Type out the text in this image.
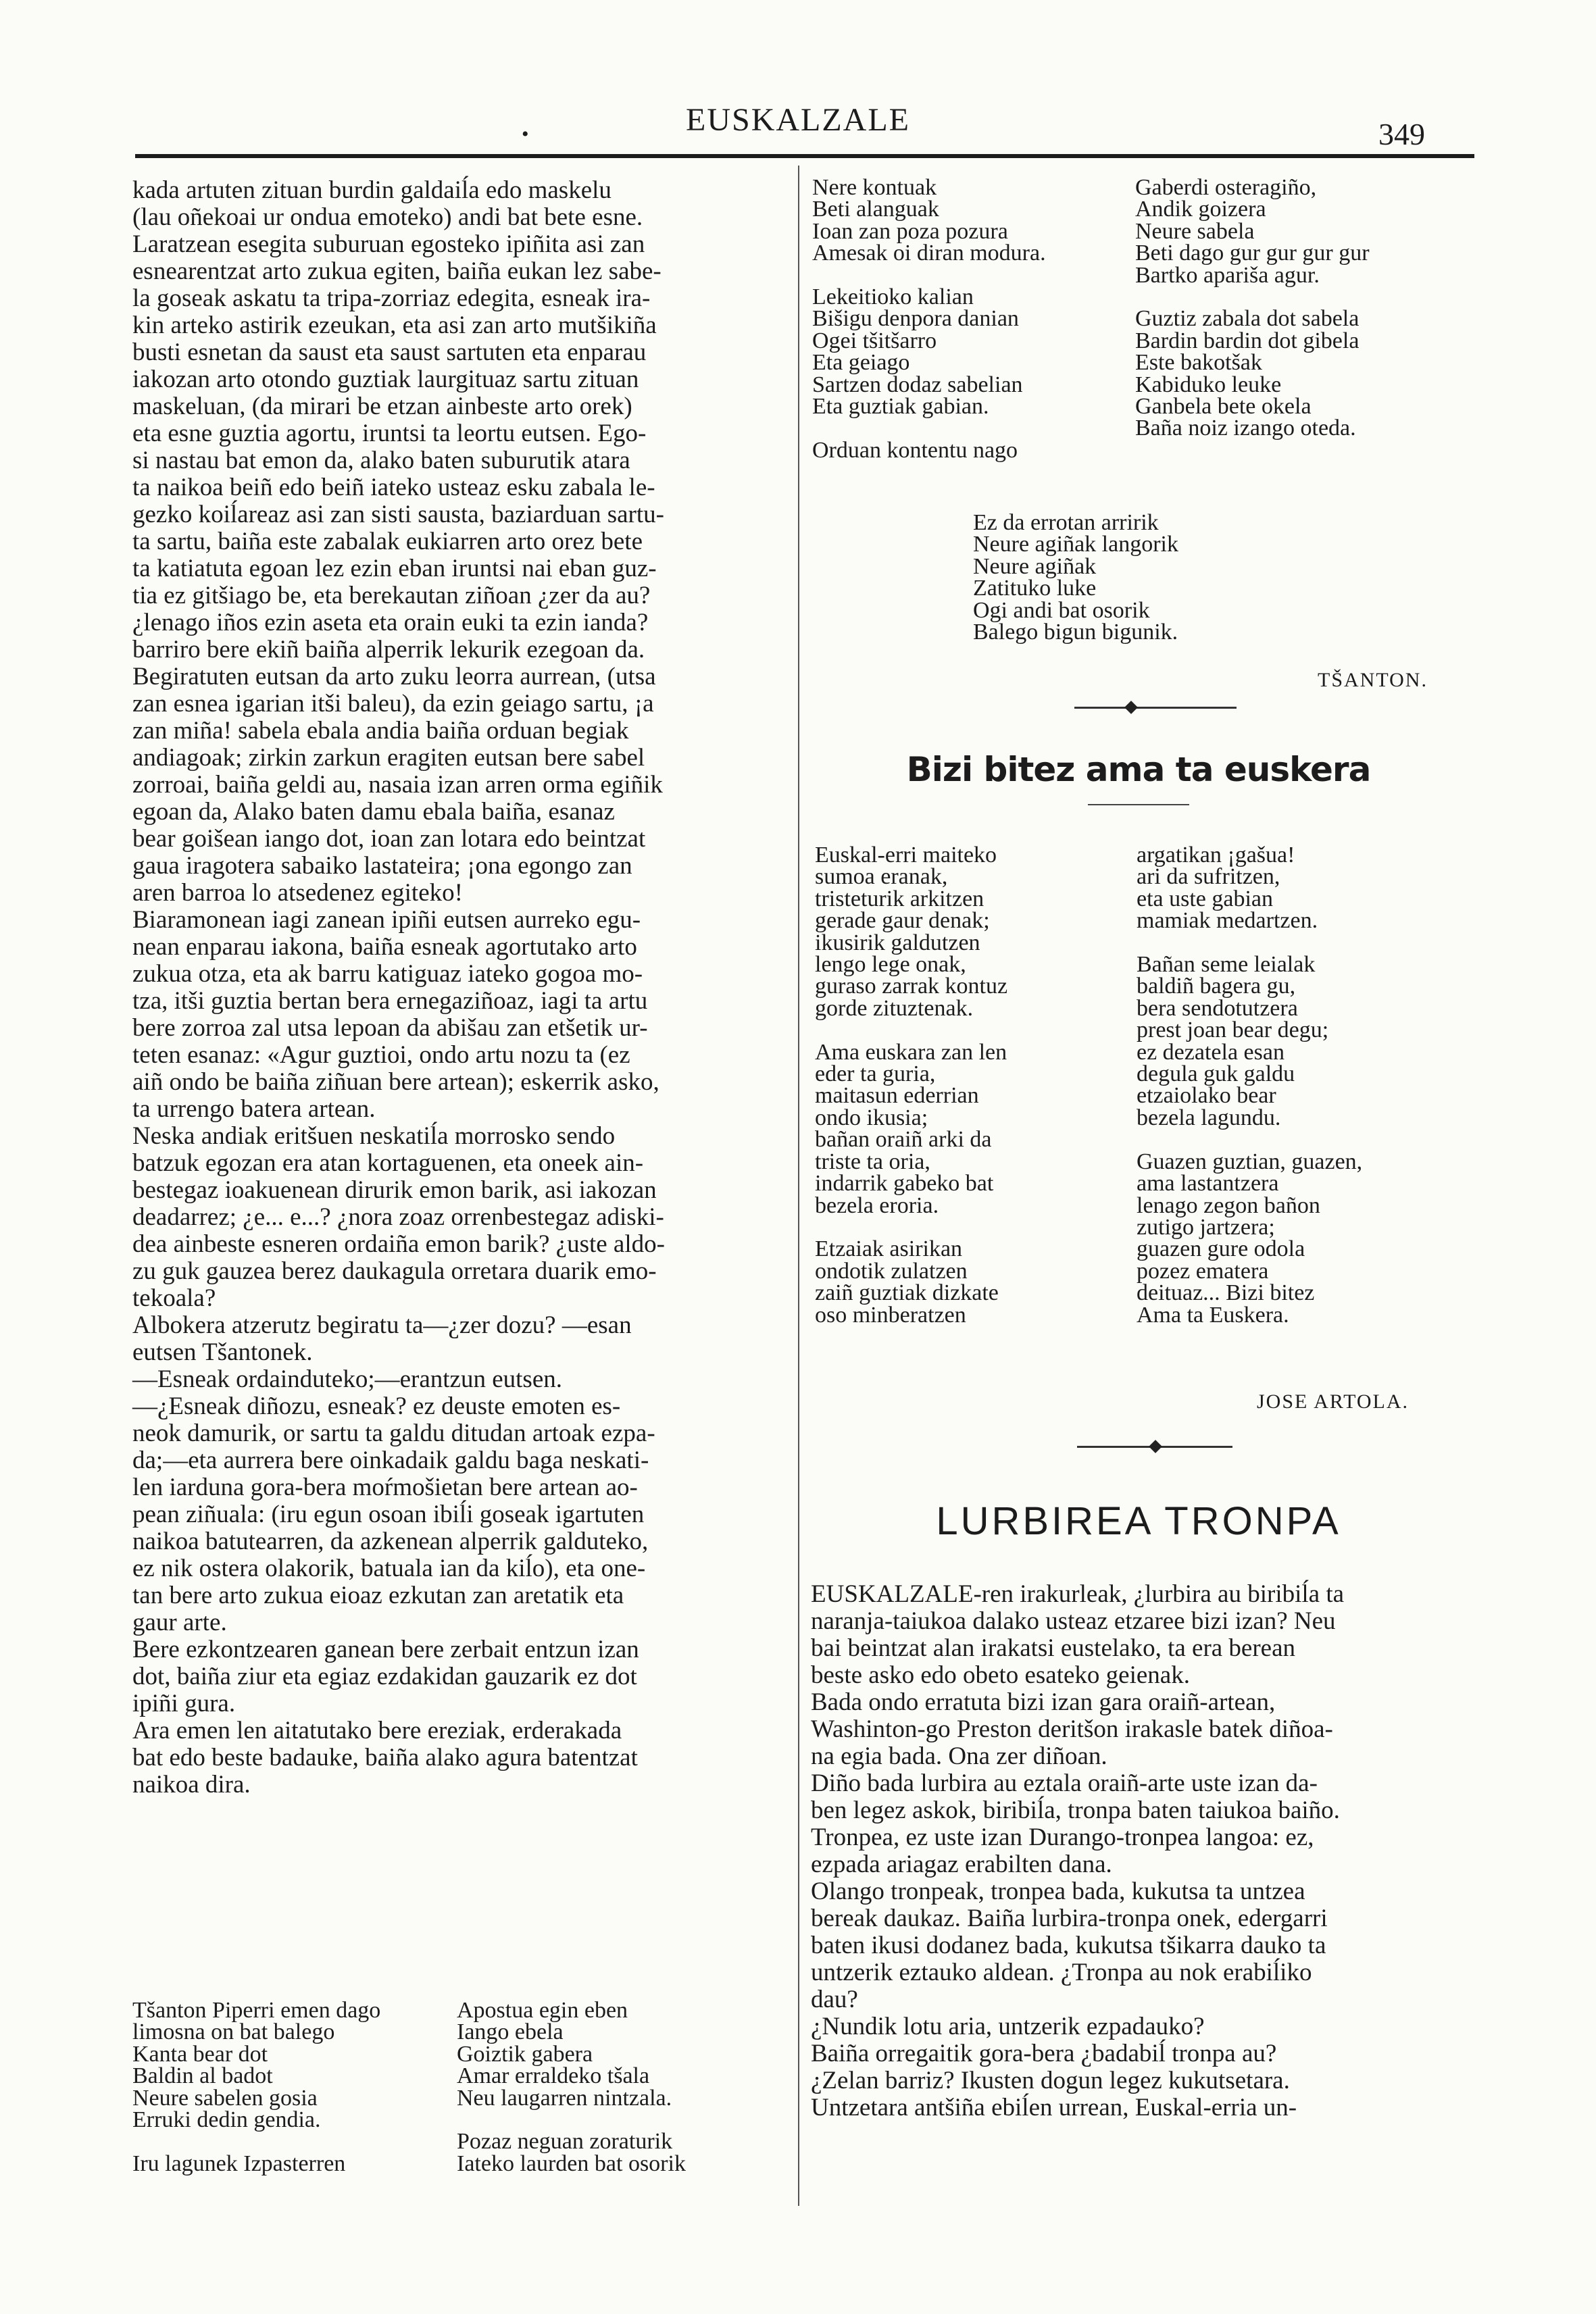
EUSKALZALE
•	349
kada artuten zituan burdin galdaiĺa edo maskelu
(lau oñekoai ur ondua emoteko) andi bat bete esne.
Laratzean esegita suburuan egosteko ipiñita asi zan
esnearentzat arto zukua egiten, baiña eukan lez sabe-
la goseak askatu ta tripa-zorriaz edegita, esneak ira-
kin arteko astirik ezeukan, eta asi zan arto mutšikiña
busti esnetan da saust eta saust sartuten eta enparau
iakozan arto otondo guztiak laurgituaz sartu zituan
maskeluan, (da mirari be etzan ainbeste arto orek)
eta esne guztia agortu, iruntsi ta leortu eutsen. Ego-
si nastau bat emon da, alako baten suburutik atara
ta naikoa beiñ edo beiñ iateko usteaz esku zabala le-
gezko koiĺareaz asi zan sisti sausta, baziarduan sartu-
ta sartu, baiña este zabalak eukiarren arto orez bete
ta katiatuta egoan lez ezin eban iruntsi nai eban guz-
tia ez gitšiago be, eta berekautan ziñoan ¿zer da au?
¿lenago iños ezin aseta eta orain euki ta ezin ianda?
barriro bere ekiñ baiña alperrik lekurik ezegoan da.
Begiratuten eutsan da arto zuku leorra aurrean, (utsa
zan esnea igarian itši baleu), da ezin geiago sartu, ¡a
zan miña! sabela ebala andia baiña orduan begiak
andiagoak; zirkin zarkun eragiten eutsan bere sabel
zorroai, baiña geldi au, nasaia izan arren orma egiñik
egoan da, Alako baten damu ebala baiña, esanaz
bear goišean iango dot, ioan zan lotara edo beintzat
gaua iragotera sabaiko lastateira; ¡ona egongo zan
aren barroa lo atsedenez egiteko!
Biaramonean iagi zanean ipiñi eutsen aurreko egu-
nean enparau iakona, baiña esneak agortutako arto
zukua otza, eta ak barru katiguaz iateko gogoa mo-
tza, itši guztia bertan bera ernegaziñoaz, iagi ta artu
bere zorroa zal utsa lepoan da abišau zan etšetik ur-
teten esanaz: «Agur guztioi, ondo artu nozu ta (ez
aiñ ondo be baiña ziñuan bere artean); eskerrik asko,
ta urrengo batera artean.
Neska andiak eritšuen neskatiĺa morrosko sendo
batzuk egozan era atan kortaguenen, eta oneek ain-
bestegaz ioakuenean dirurik emon barik, asi iakozan
deadarrez; ¿e... e...? ¿nora zoaz orrenbestegaz adiski-
dea ainbeste esneren ordaiña emon barik? ¿uste aldo-
zu guk gauzea berez daukagula orretara duarik emo-
tekoala?
Albokera atzerutz begiratu ta—¿zer dozu? —esan
eutsen Tšantonek.
—Esneak ordainduteko;—erantzun eutsen.
—¿Esneak diñozu, esneak? ez deuste emoten es-
neok damurik, or sartu ta galdu ditudan artoak ezpa-
da;—eta aurrera bere oinkadaik galdu baga neskati-
len iarduna gora-bera moŕmošietan bere artean ao-
pean ziñuala: (iru egun osoan ibiĺi goseak igartuten
naikoa batutearren, da azkenean alperrik galduteko,
ez nik ostera olakorik, batuala ian da kiĺo), eta one-
tan bere arto zukua eioaz ezkutan zan aretatik eta
gaur arte.
Bere ezkontzearen ganean bere zerbait entzun izan
dot, baiña ziur eta egiaz ezdakidan gauzarik ez dot
ipiñi gura.
Ara emen len aitatutako bere ereziak, erderakada
bat edo beste badauke, baiña alako agura batentzat
naikoa dira.
Tšanton Piperri emen dago
limosna on bat balego
Kanta bear dot
Baldin al badot
Neure sabelen gosia
Erruki dedin gendia.

Iru lagunek Izpasterren
Apostua egin eben
Iango ebela
Goiztik gabera
Amar erraldeko tšala
Neu laugarren nintzala.

Pozaz neguan zoraturik
Iateko laurden bat osorik
Nere kontuak
Beti alanguak
Ioan zan poza pozura
Amesak oi diran modura.

Lekeitioko kalian
Bišigu denpora danian
Ogei tšitšarro
Eta geiago
Sartzen dodaz sabelian
Eta guztiak gabian.

Orduan kontentu nago
Gaberdi osteragiño,
Andik goizera
Neure sabela
Beti dago gur gur gur gur
Bartko aparišа agur.

Guztiz zabala dot sabela
Bardin bardin dot gibela
Este bakotšak
Kabiduko leuke
Ganbela bete okela
Baña noiz izango oteda.
Ez da errotan arririk
Neure agiñak langorik
Neure agiñak
Zatituko luke
Ogi andi bat osorik
Balego bigun bigunik.
TŠANTON.
Bizi bitez ama ta euskera
Euskal-erri maiteko
sumoa eranak,
tristeturik arkitzen
gerade gaur denak;
ikusirik galdutzen
lengo lege onak,
guraso zarrak kontuz
gorde zituztenak.

Ama euskara zan len
eder ta guria,
maitasun ederrian
ondo ikusia;
bañan oraiñ arki da
triste ta oria,
indarrik gabeko bat
bezela eroria.

Etzaiak asirikan
ondotik zulatzen
zaiñ guztiak dizkate
oso minberatzen
argatikan ¡gašua!
ari da sufritzen,
eta uste gabian
mamiak medartzen.

Bañan seme leialak
baldiñ bagera gu,
bera sendotutzera
prest joan bear degu;
ez dezatela esan
degula guk galdu
etzaiolako bear
bezela lagundu.

Guazen guztian, guazen,
ama lastantzera
lenago zegon bañon
zutigo jartzera;
guazen gure odola
pozez ematera
deituaz... Bizi bitez
Ama ta Euskera.
JOSE ARTOLA.
LURBIREA TRONPA
EUSKALZALE-ren irakurleak, ¿lurbira au biribiĺa ta
naranja-taiukoa dalako usteaz etzaree bizi izan? Neu
bai beintzat alan irakatsi eustelako, ta era berean
beste asko edo obeto esateko geienak.
Bada ondo erratuta bizi izan gara oraiñ-artean,
Washinton-go Preston deritšon irakasle batek diñoa-
na egia bada. Ona zer diñoan.
Diño bada lurbira au eztala oraiñ-arte uste izan da-
ben legez askok, biribiĺa, tronpa baten taiukoa baiño.
Tronpea, ez uste izan Durango-tronpea langoa: ez,
ezpada ariagaz erabilten dana.
Olango tronpeak, tronpea bada, kukutsa ta untzea
bereak daukaz. Baiña lurbira-tronpa onek, edergarri
baten ikusi dodanez bada, kukutsa tšikarra dauko ta
untzerik eztauko aldean. ¿Tronpa au nok erabiĺiko
dau?
¿Nundik lotu aria, untzerik ezpadauko?
Baiña orregaitik gora-bera ¿badabiĺ tronpa au?
¿Zelan barriz? Ikusten dogun legez kukutsetara.
Untzetara antšiña ebiĺen urrean, Euskal-erria un-
